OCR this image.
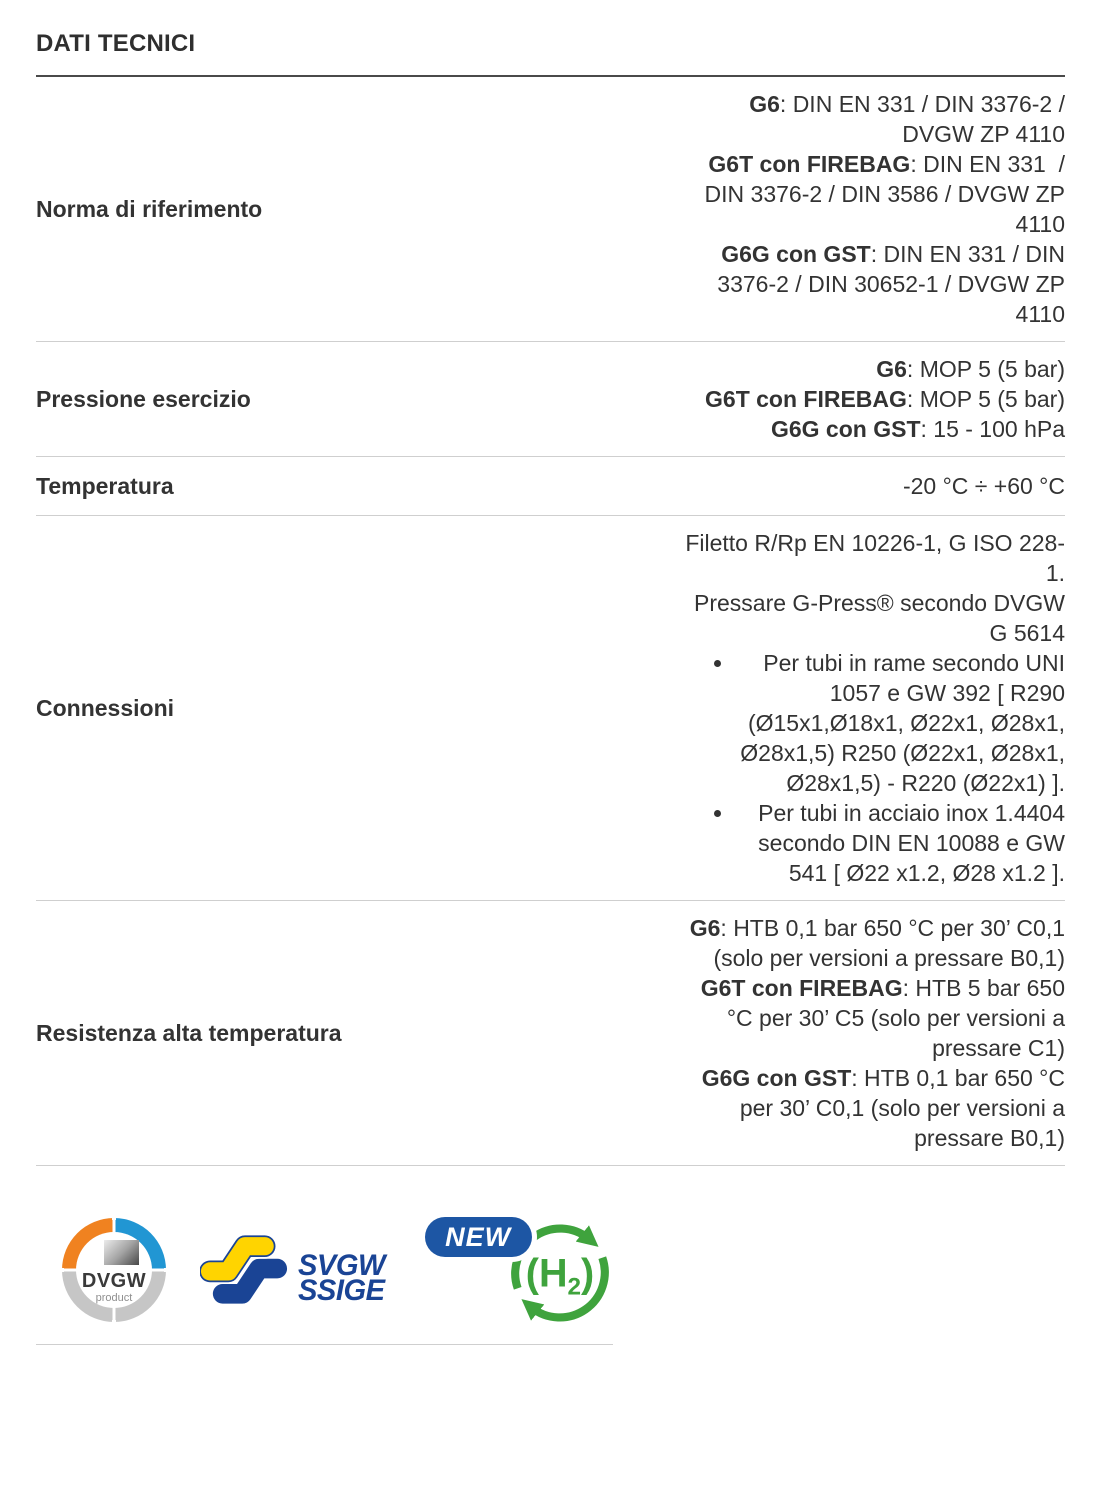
DATI TECNICI
Norma di riferimento
G6: DIN EN 331 / DIN 3376-2 / DVGW ZP 4110
G6T con FIREBAG: DIN EN 331  / DIN 3376-2 / DIN 3586 / DVGW ZP 4110
G6G con GST: DIN EN 331 / DIN 3376-2 / DIN 30652-1 / DVGW ZP 4110
Pressione esercizio
G6: MOP 5 (5 bar)
G6T con FIREBAG: MOP 5 (5 bar)
G6G con GST: 15 - 100 hPa
Temperatura	-20 °C ÷ +60 °C
Connessioni
Filetto R/Rp EN 10226-1, G ISO 228-1.
Pressare G-Press® secondo DVGW G 5614
• Per tubi in rame secondo UNI 1057 e GW 392 [ R290 (Ø15x1,Ø18x1, Ø22x1, Ø28x1, Ø28x1,5) R250 (Ø22x1, Ø28x1, Ø28x1,5) - R220 (Ø22x1) ].
• Per tubi in acciaio inox 1.4404 secondo DIN EN 10088 e GW 541 [ Ø22 x1.2, Ø28 x1.2 ].
Resistenza alta temperatura
G6: HTB 0,1 bar 650 °C per 30’ C0,1 (solo per versioni a pressare B0,1)
G6T con FIREBAG: HTB 5 bar 650 °C per 30’ C5 (solo per versioni a pressare C1)
G6G con GST: HTB 0,1 bar 650 °C per 30’ C0,1 (solo per versioni a pressare B0,1)
DVGW
product
SVGW
SSIGE	$(H_2)$
NEW
